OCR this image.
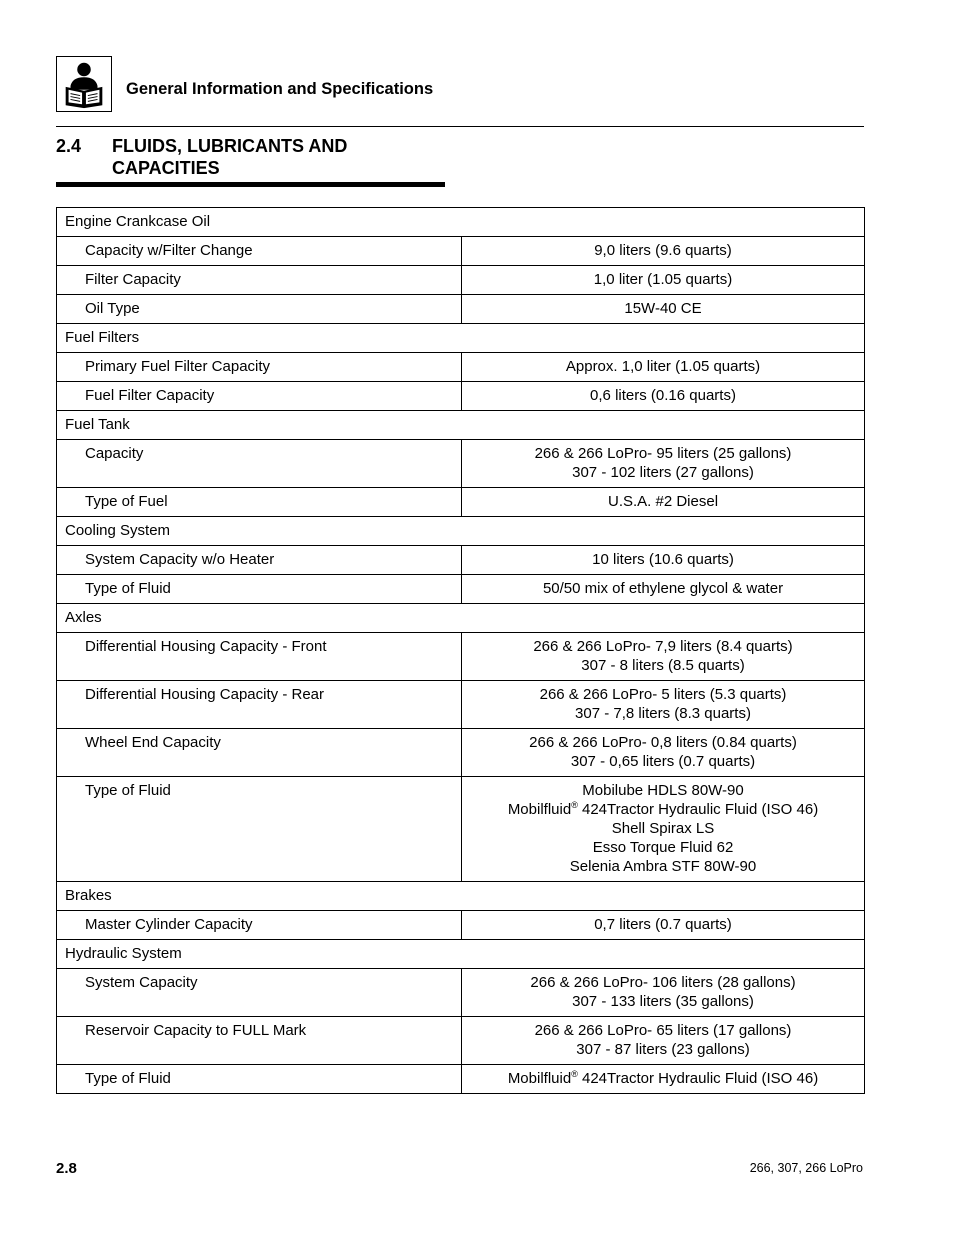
General Information and Specifications
2.4 FLUIDS, LUBRICANTS AND CAPACITIES
Engine Crankcase Oil	
Capacity w/Filter Change	9,0 liters (9.6 quarts)

Filter Capacity	1,0 liter (1.05 quarts)

Oil Type	15W-40 CE

Fuel Filters	
Primary Fuel Filter Capacity	Approx. 1,0 liter (1.05 quarts)

Fuel Filter Capacity	0,6 liters (0.16 quarts)

Fuel Tank	
Capacity	266 & 266 LoPro- 95 liters (25 gallons)
307 - 102 liters (27 gallons)

Type of Fuel	U.S.A. #2 Diesel

Cooling System	
System Capacity w/o Heater	10 liters (10.6 quarts)

Type of Fluid	50/50 mix of ethylene glycol & water

Axles	
Differential Housing Capacity - Front	266 & 266 LoPro- 7,9 liters (8.4 quarts)
307 - 8 liters (8.5 quarts)

Differential Housing Capacity - Rear	266 & 266 LoPro- 5 liters (5.3 quarts)
307 - 7,8 liters (8.3 quarts)

Wheel End Capacity	266 & 266 LoPro- 0,8 liters (0.84 quarts)
307 - 0,65 liters (0.7 quarts)

Type of Fluid	Mobilube HDLS 80W-90
Mobilfluid® 424Tractor Hydraulic Fluid (ISO 46)
Shell Spirax LS
Esso Torque Fluid 62
Selenia Ambra STF 80W-90

Brakes	
Master Cylinder Capacity	0,7 liters (0.7 quarts)

Hydraulic System	
System Capacity	266 & 266 LoPro- 106 liters (28 gallons)
307 - 133 liters (35 gallons)

Reservoir Capacity to FULL Mark	266 & 266 LoPro- 65 liters (17 gallons)
307 - 87 liters (23 gallons)

Type of Fluid	Mobilfluid® 424Tractor Hydraulic Fluid (ISO 46)
2.8	266, 307, 266 LoPro
